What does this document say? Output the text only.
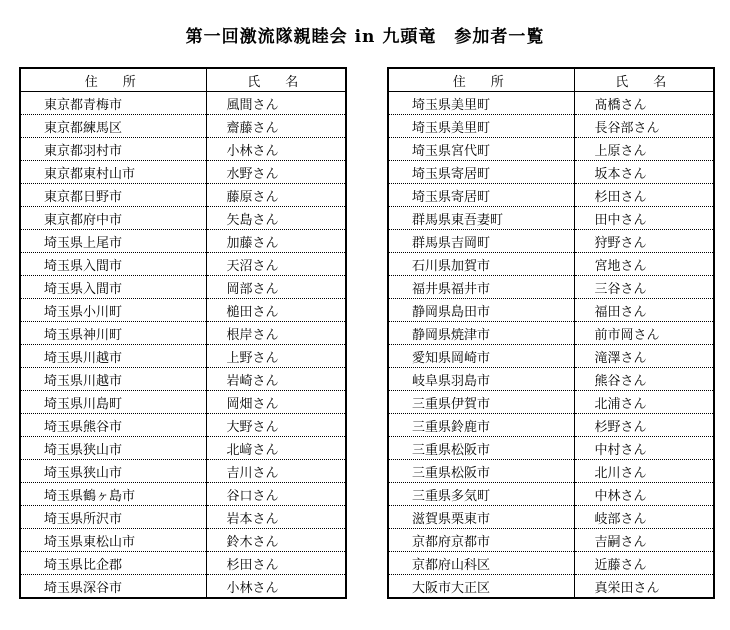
第一回激流隊親睦会 in 九頭竜　参加者一覧
住　所	氏　名
東京都青梅市	風間さん
東京都練馬区	齋藤さん
東京都羽村市	小林さん
東京都東村山市	水野さん
東京都日野市	藤原さん
東京都府中市	矢島さん
埼玉県上尾市	加藤さん
埼玉県入間市	天沼さん
埼玉県入間市	岡部さん
埼玉県小川町	槌田さん
埼玉県神川町	根岸さん
埼玉県川越市	上野さん
埼玉県川越市	岩崎さん
埼玉県川島町	岡畑さん
埼玉県熊谷市	大野さん
埼玉県狭山市	北﨑さん
埼玉県狭山市	吉川さん
埼玉県鶴ヶ島市	谷口さん
埼玉県所沢市	岩本さん
埼玉県東松山市	鈴木さん
埼玉県比企郡	杉田さん
埼玉県深谷市	小林さん
住　所	氏　名
埼玉県美里町	髙橋さん
埼玉県美里町	長谷部さん
埼玉県宮代町	上原さん
埼玉県寄居町	坂本さん
埼玉県寄居町	杉田さん
群馬県東吾妻町	田中さん
群馬県吉岡町	狩野さん
石川県加賀市	宮地さん
福井県福井市	三谷さん
静岡県島田市	福田さん
静岡県焼津市	前市岡さん
愛知県岡崎市	滝澤さん
岐阜県羽島市	熊谷さん
三重県伊賀市	北浦さん
三重県鈴鹿市	杉野さん
三重県松阪市	中村さん
三重県松阪市	北川さん
三重県多気町	中林さん
滋賀県栗東市	岐部さん
京都府京都市	吉嗣さん
京都府山科区	近藤さん
大阪市大正区	真栄田さん
